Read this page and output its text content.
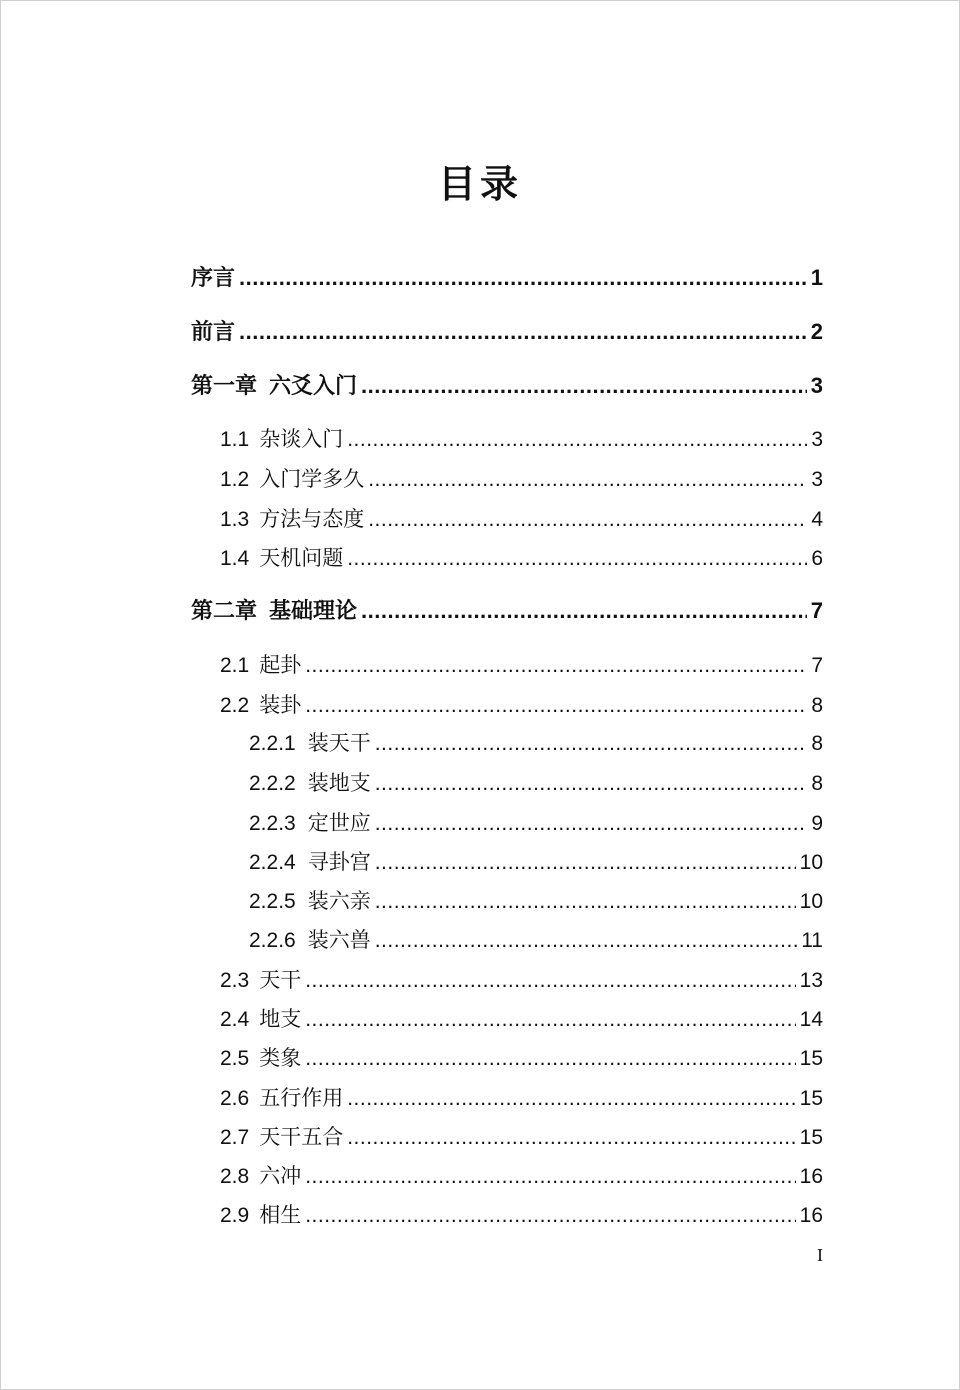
目录
序言 .....	1
前言 .....	2
第一章 六爻入门 .....	3
1.1 杂谈入门 .....	3
1.2 入门学多久 .....	3
1.3 方法与态度 .....	4
1.4 天机问题 .....	6
第二章 基础理论 .....	7
2.1 起卦 .....	7
2.2 装卦 .....	8
2.2.1 装天干 .....	8
2.2.2 装地支 .....	8
2.2.3 定世应 .....	9
2.2.4 寻卦宫 .....	10
2.2.5 装六亲 .....	10
2.2.6 装六兽 .....	11
2.3 天干 .....	13
2.4 地支 .....	14
2.5 类象 .....	15
2.6 五行作用 .....	15
2.7 天干五合 .....	15
2.8 六冲 .....	16
2.9 相生 .....	16
I
